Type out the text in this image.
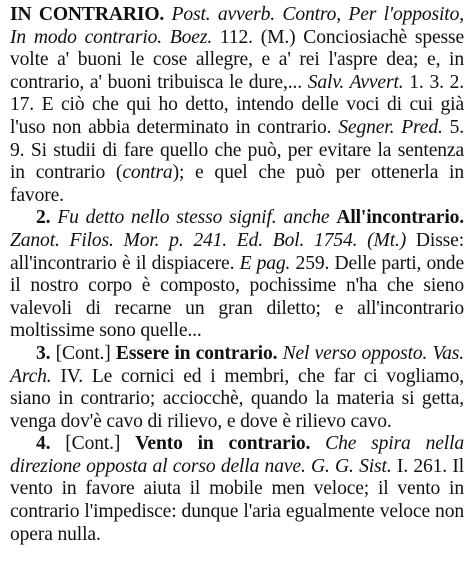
IN CONTRARIO. Post. avverb. Contro, Per l'opposito, In modo contrario. Boez. 112. (M.) Conciosiachè spesse volte a' buoni le cose allegre, e a' rei l'aspre dea; e, in contrario, a' buoni tribuisca le dure,... Salv. Avvert. 1. 3. 2. 17. E ciò che qui ho detto, intendo delle voci di cui già l'uso non abbia determinato in contrario. Segner. Pred. 5. 9. Si studii di fare quello che può, per evitare la sentenza in contrario (contra); e quel che può per ottenerla in favore.

2. Fu detto nello stesso signif. anche All'incontrario. Zanot. Filos. Mor. p. 241. Ed. Bol. 1754. (Mt.) Disse: all'incontrario è il dispiacere. E pag. 259. Delle parti, onde il nostro corpo è composto, pochissime n'ha che sieno valevoli di recarne un gran diletto; e all'incontrario moltissime sono quelle...

3. [Cont.] Essere in contrario. Nel verso opposto. Vas. Arch. IV. Le cornici ed i membri, che far ci vogliamo, siano in contrario; acciocchè, quando la materia si getta, venga dov'è cavo di rilievo, e dove è rilievo cavo.

4. [Cont.] Vento in contrario. Che spira nella direzione opposta al corso della nave. G. G. Sist. I. 261. Il vento in favore aiuta il mobile men veloce; il vento in contrario l'impedisce: dunque l'aria egualmente veloce non opera nulla.
